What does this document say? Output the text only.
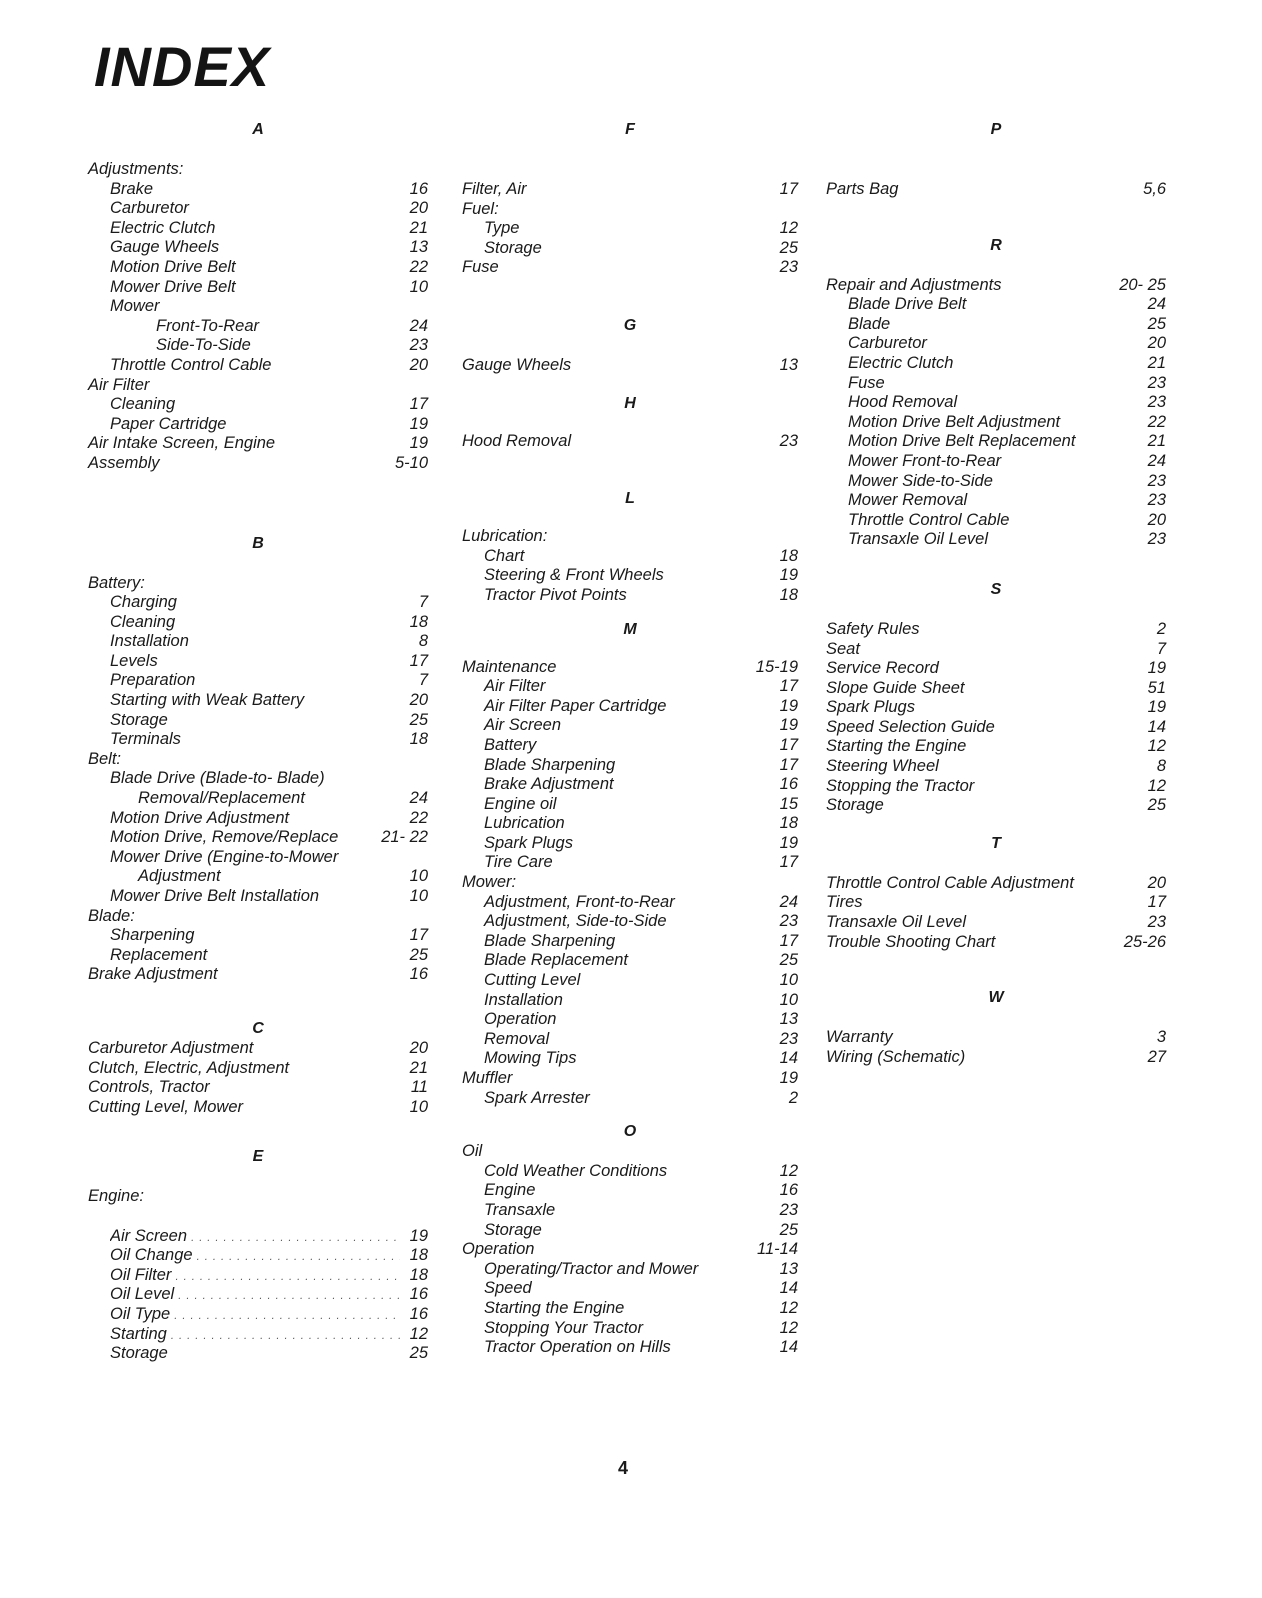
INDEX
A
Adjustments:
Brake	16
Carburetor	20
Electric Clutch	21
Gauge Wheels	13
Motion Drive Belt	22
Mower Drive Belt	10
Mower
Front-To-Rear	24
Side-To-Side	23
Throttle Control Cable	20
Air Filter
Cleaning	17
Paper Cartridge	19
Air Intake Screen, Engine	19
Assembly	5-10
B
Battery:
Charging	7
Cleaning	18
Installation	8
Levels	17
Preparation	7
Starting with Weak Battery	20
Storage	25
Terminals	18
Belt:
Blade Drive (Blade-to- Blade)
Removal/Replacement	24
Motion Drive Adjustment	22
Motion Drive, Remove/Replace	21- 22
Mower Drive (Engine-to-Mower
Adjustment	10
Mower Drive Belt Installation	10
Blade:
Sharpening	17
Replacement	25
Brake Adjustment	16
C
Carburetor Adjustment	20
Clutch, Electric, Adjustment	21
Controls, Tractor	11
Cutting Level, Mower	10
E
Engine:
Air Screen . . .	19
Oil Change . . .	18
Oil Filter . . .	18
Oil Level . . .	16
Oil Type . . .	16
Starting . . .	12
Storage	25
F
Filter, Air	17
Fuel:
Type	12
Storage	25
Fuse	23
G
Gauge Wheels	13
H
Hood Removal	23
L
Lubrication:
Chart	18
Steering & Front Wheels	19
Tractor Pivot Points	18
M
Maintenance	15-19
Air Filter	17
Air Filter Paper Cartridge	19
Air Screen	19
Battery	17
Blade Sharpening	17
Brake Adjustment	16
Engine oil	15
Lubrication	18
Spark Plugs	19
Tire Care	17
Mower:
Adjustment, Front-to-Rear	24
Adjustment, Side-to-Side	23
Blade Sharpening	17
Blade Replacement	25
Cutting Level	10
Installation	10
Operation	13
Removal	23
Mowing Tips	14
Muffler	19
Spark Arrester	2
O
Oil
Cold Weather Conditions	12
Engine	16
Transaxle	23
Storage	25
Operation	11-14
Operating/Tractor and Mower	13
Speed	14
Starting the Engine	12
Stopping Your Tractor	12
Tractor Operation on Hills	14
P
Parts Bag	5,6
R
Repair and Adjustments	20- 25
Blade Drive Belt	24
Blade	25
Carburetor	20
Electric Clutch	21
Fuse	23
Hood Removal	23
Motion Drive Belt Adjustment	22
Motion Drive Belt Replacement	21
Mower Front-to-Rear	24
Mower Side-to-Side	23
Mower Removal	23
Throttle Control Cable	20
Transaxle Oil Level	23
S
Safety Rules	2
Seat	7
Service Record	19
Slope Guide Sheet	51
Spark Plugs	19
Speed Selection Guide	14
Starting the Engine	12
Steering Wheel	8
Stopping the Tractor	12
Storage	25
T
Throttle Control Cable Adjustment	20
Tires	17
Transaxle Oil Level	23
Trouble Shooting Chart	25-26
W
Warranty	3
Wiring (Schematic)	27
4
